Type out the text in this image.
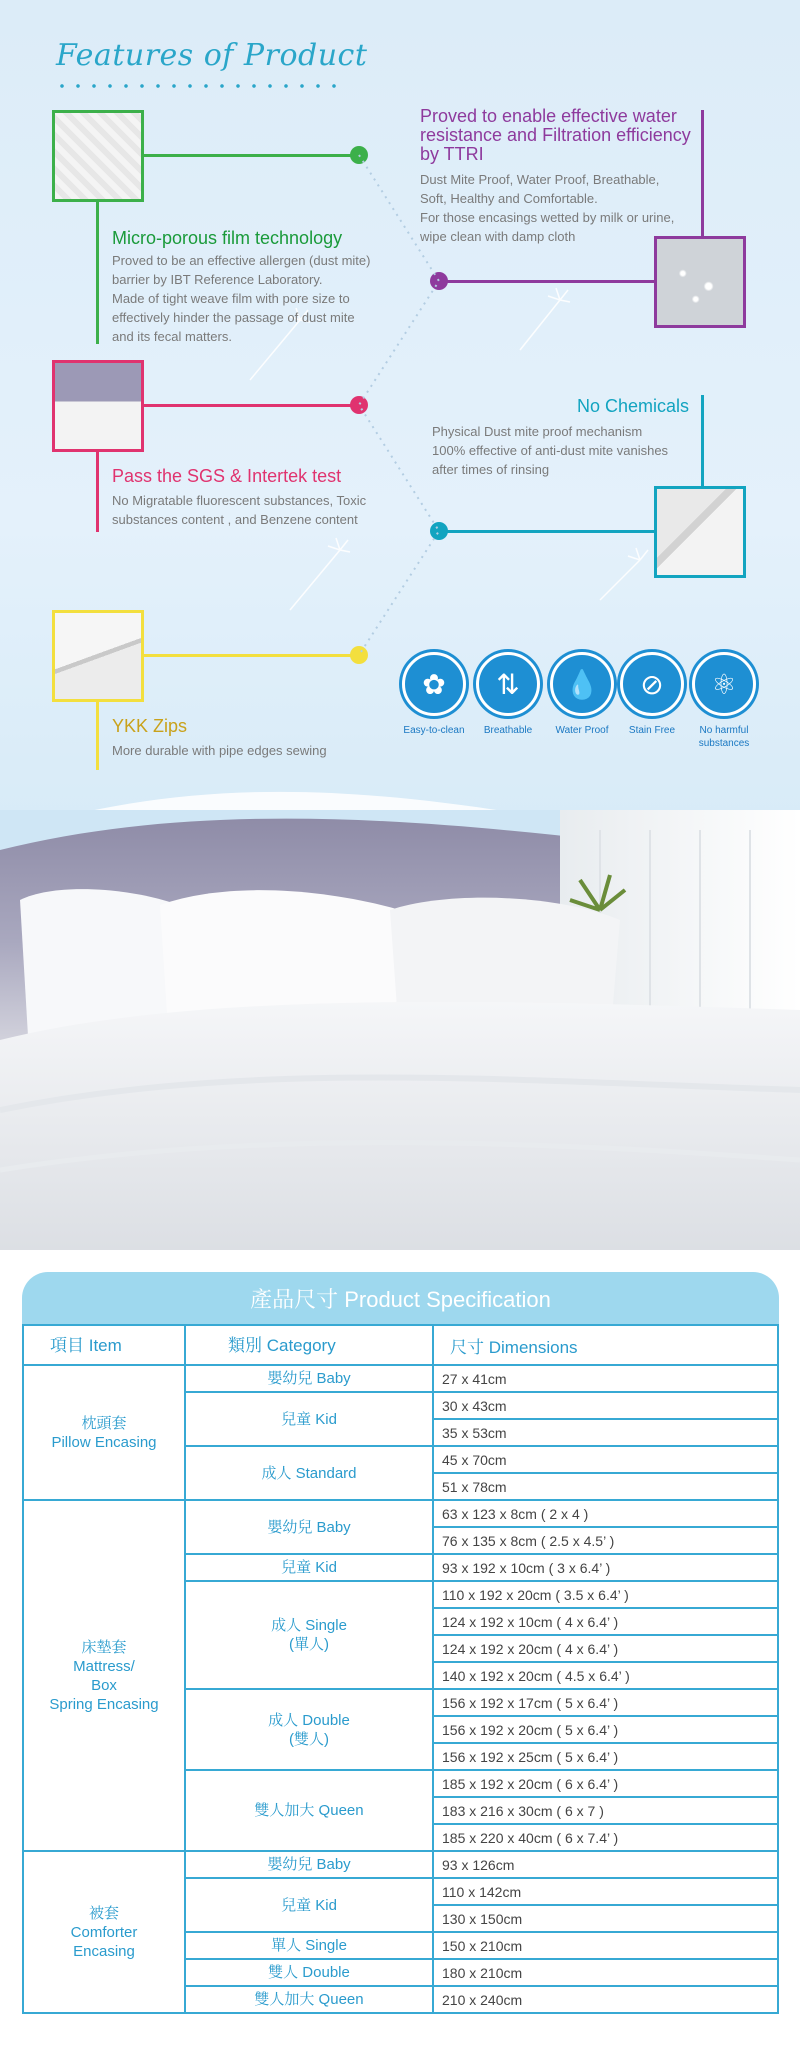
Features of Product
Micro-porous film technology
Proved to be an effective allergen (dust mite)
barrier by IBT Reference Laboratory.
Made of tight weave film with pore size to
effectively hinder the passage of dust mite
and its fecal matters.
Proved to enable effective water
resistance and Filtration efficiency
by TTRI
Dust Mite Proof, Water Proof, Breathable,
Soft, Healthy and Comfortable.
For those encasings wetted by milk or urine,
wipe clean with damp cloth
Pass the SGS & Intertek test
No Migratable fluorescent substances, Toxic
substances content , and Benzene content
No Chemicals
Physical Dust mite proof mechanism
100% effective of anti-dust mite vanishes
after times of rinsing
YKK Zips
More durable with pipe edges sewing
✿
Easy-to-clean
⇅
Breathable
💧
Water Proof
⊘
Stain Free
⚛
No harmful
substances
產品尺寸 Product Specification
項目 Item	類別 Category	尺寸 Dimensions
枕頭套
Pillow Encasing	嬰幼兒 Baby	27 x 41cm
	兒童 Kid	30 x 43cm
		35 x 53cm
	成人 Standard	45 x 70cm
		51 x 78cm
床墊套
Mattress/
Box
Spring Encasing	嬰幼兒 Baby	63 x 123 x 8cm ( 2 x 4 )
		76 x 135 x 8cm ( 2.5 x 4.5’ )
	兒童 Kid	93 x 192 x 10cm ( 3 x 6.4’ )
	成人 Single
(單人)	110 x 192 x 20cm ( 3.5 x 6.4’ )
		124 x 192 x 10cm ( 4 x 6.4’ )
		124 x 192 x 20cm ( 4 x 6.4’ )
		140 x 192 x 20cm ( 4.5 x 6.4’ )
	成人 Double
(雙人)	156 x 192 x 17cm ( 5 x 6.4’ )
		156 x 192 x 20cm ( 5 x 6.4’ )
		156 x 192 x 25cm ( 5 x 6.4’ )
	雙人加大 Queen	185 x 192 x 20cm ( 6 x 6.4’ )
		183 x 216 x 30cm ( 6 x 7 )
		185 x 220 x 40cm ( 6 x 7.4’ )
被套
Comforter
Encasing	嬰幼兒 Baby	93 x 126cm
	兒童 Kid	110 x 142cm
		130 x 150cm
	單人 Single	150 x 210cm
	雙人 Double	180 x 210cm
	雙人加大 Queen	210 x 240cm
